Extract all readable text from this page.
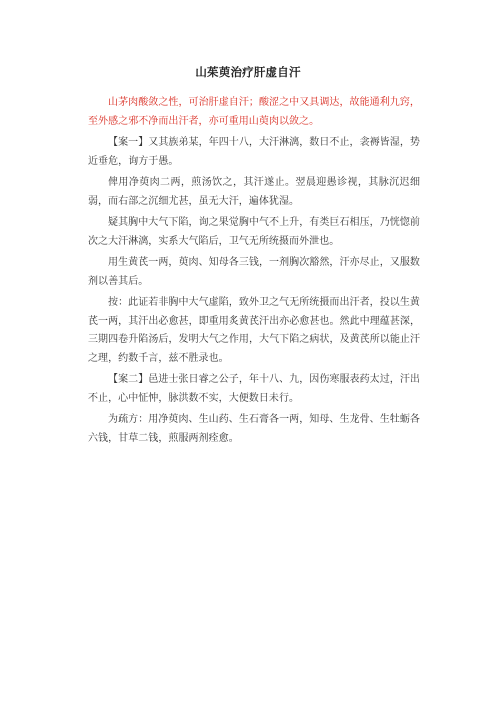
山茱萸治疗肝虚自汗

山茅肉酸敛之性，可治肝虚自汗；酸涩之中又具调达，故能通利九窍，至外感之邪不净而出汗者，亦可重用山萸肉以敛之。

【案一】又其族弟某，年四十八，大汗淋漓，数日不止，衾褥皆湿，势近垂危，询方于愚。

俾用净萸肉二两，煎汤饮之，其汗遂止。翌晨迎愚诊视，其脉沉迟细弱，而右部之沉细尤甚，虽无大汗，遍体犹湿。

疑其胸中大气下陷，询之果觉胸中气不上升，有类巨石相压，乃恍惚前次之大汗淋漓，实系大气陷后，卫气无所统摄而外泄也。

用生黄芪一两，萸肉、知母各三钱，一剂胸次豁然，汗亦尽止，又服数剂以善其后。

按：此证若非胸中大气虚陷，致外卫之气无所统摄而出汗者，投以生黄芪一两，其汗出必愈甚，即重用炙黄芪汗出亦必愈甚也。然此中理蕴甚深，三期四卷升陷汤后，发明大气之作用，大气下陷之病状，及黄芪所以能止汗之理，约数千言，兹不胜录也。

【案二】邑进士张日睿之公子，年十八、九，因伤寒服表药太过，汗出不止，心中怔忡，脉洪数不实，大便数日未行。

为疏方：用净萸肉、生山药、生石膏各一两，知母、生龙骨、生牡蛎各六钱，甘草二钱，煎服两剂痊愈。
